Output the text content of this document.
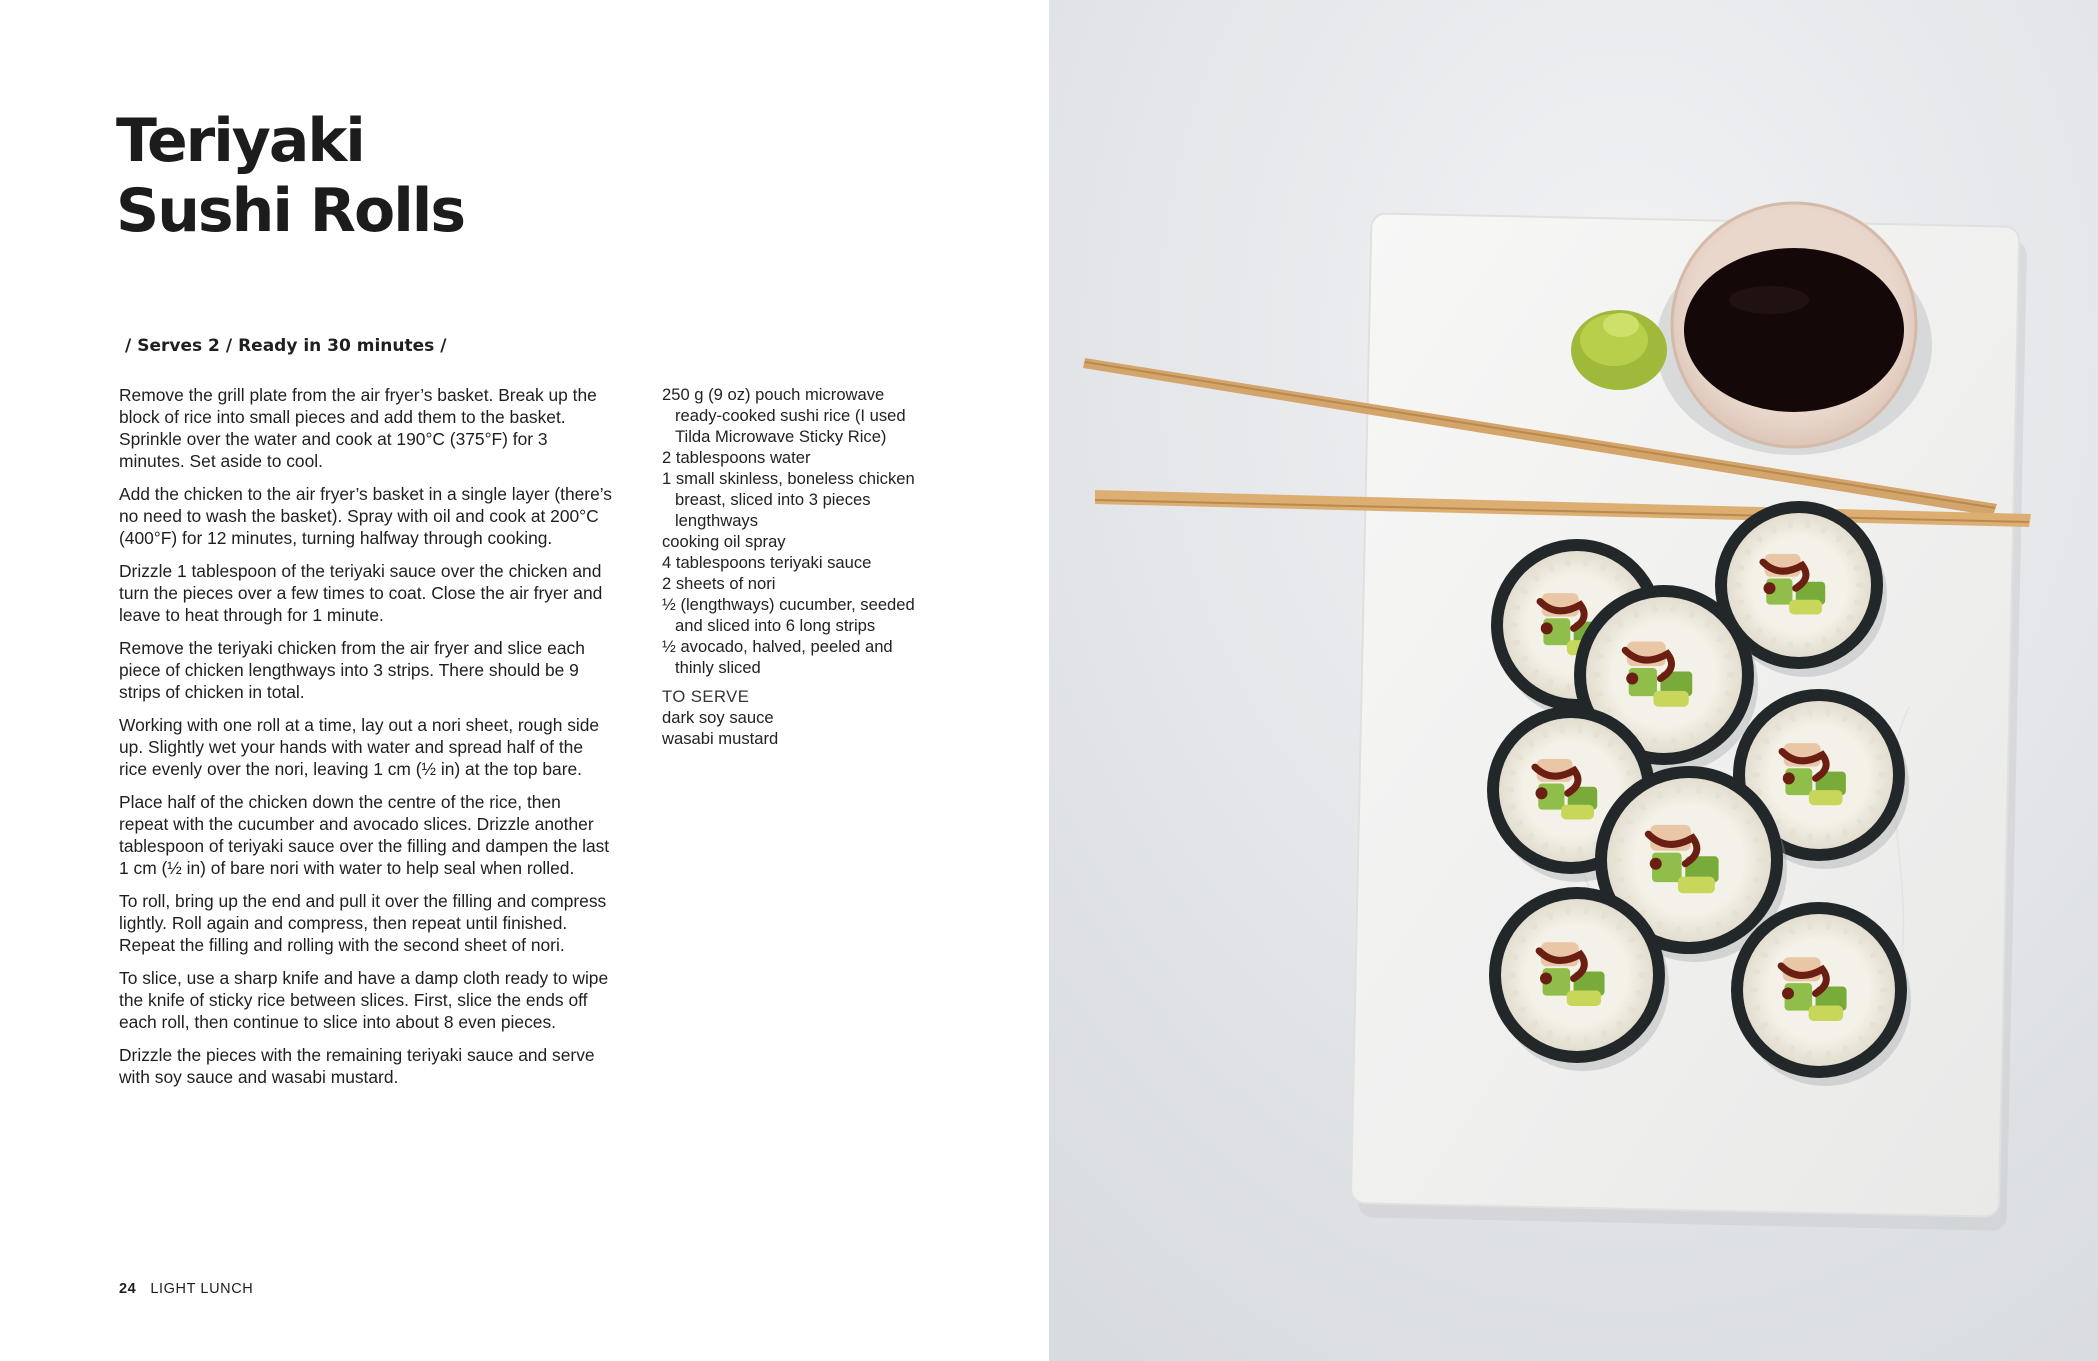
Teriyaki
Sushi Rolls
/ Serves 2 / Ready in 30 minutes /

Remove the grill plate from the air fryer’s basket. Break up the block of rice into small pieces and add them to the basket. Sprinkle over the water and cook at 190°C (375°F) for 3 minutes. Set aside to cool.

Add the chicken to the air fryer’s basket in a single layer (there’s no need to wash the basket). Spray with oil and cook at 200°C (400°F) for 12 minutes, turning halfway through cooking.

Drizzle 1 tablespoon of the teriyaki sauce over the chicken and turn the pieces over a few times to coat. Close the air fryer and leave to heat through for 1 minute.

Remove the teriyaki chicken from the air fryer and slice each piece of chicken lengthways into 3 strips. There should be 9 strips of chicken in total.

Working with one roll at a time, lay out a nori sheet, rough side up. Slightly wet your hands with water and spread half of the rice evenly over the nori, leaving 1 cm (½ in) at the top bare.

Place half of the chicken down the centre of the rice, then repeat with the cucumber and avocado slices. Drizzle another tablespoon of teriyaki sauce over the filling and dampen the last 1 cm (½ in) of bare nori with water to help seal when rolled.

To roll, bring up the end and pull it over the filling and compress lightly. Roll again and compress, then repeat until finished. Repeat the filling and rolling with the second sheet of nori.

To slice, use a sharp knife and have a damp cloth ready to wipe the knife of sticky rice between slices. First, slice the ends off each roll, then continue to slice into about 8 even pieces.

Drizzle the pieces with the remaining teriyaki sauce and serve with soy sauce and wasabi mustard.

250 g (9 oz) pouch microwave ready-cooked sushi rice (I used Tilda Microwave Sticky Rice)

2 tablespoons water

1 small skinless, boneless chicken breast, sliced into 3 pieces lengthways

cooking oil spray

4 tablespoons teriyaki sauce

2 sheets of nori

½ (lengthways) cucumber, seeded and sliced into 6 long strips

½ avocado, halved, peeled and thinly sliced

TO SERVE

dark soy sauce

wasabi mustard

24 LIGHT LUNCH
